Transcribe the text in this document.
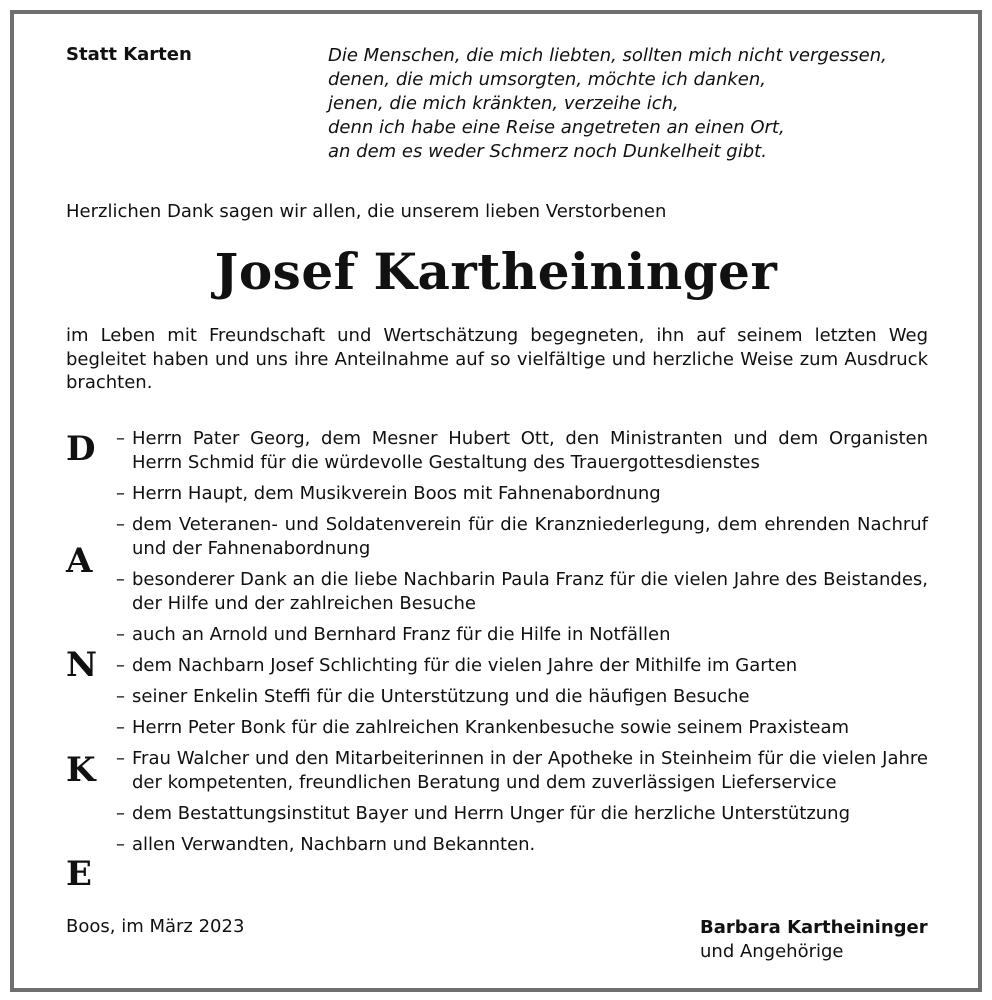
Statt Karten	Die Menschen, die mich liebten, sollten mich nicht vergessen,
denen, die mich umsorgten, möchte ich danken,
jenen, die mich kränkten, verzeihe ich,
denn ich habe eine Reise angetreten an einen Ort,
an dem es weder Schmerz noch Dunkelheit gibt.
Herzlichen Dank sagen wir allen, die unserem lieben Verstorbenen
Josef Kartheininger
im Leben mit Freundschaft und Wertschätzung begegneten, ihn auf seinem letzten Weg begleitet haben und uns ihre Anteilnahme auf so vielfältige und herzliche Weise zum Ausdruck brachten.
D
A
N
K
E
– Herrn Pater Georg, dem Mesner Hubert Ott, den Ministranten und dem Organisten Herrn Schmid für die würdevolle Gestaltung des Trauergottesdienstes
– Herrn Haupt, dem Musikverein Boos mit Fahnenabordnung
– dem Veteranen- und Soldatenverein für die Kranzniederlegung, dem ehrenden Nachruf und der Fahnenabordnung
– besonderer Dank an die liebe Nachbarin Paula Franz für die vielen Jahre des Beistandes, der Hilfe und der zahlreichen Besuche
– auch an Arnold und Bernhard Franz für die Hilfe in Notfällen
– dem Nachbarn Josef Schlichting für die vielen Jahre der Mithilfe im Garten
– seiner Enkelin Steffi für die Unterstützung und die häufigen Besuche
– Herrn Peter Bonk für die zahlreichen Krankenbesuche sowie seinem Praxisteam
– Frau Walcher und den Mitarbeiterinnen in der Apotheke in Steinheim für die vielen Jahre der kompetenten, freundlichen Beratung und dem zuverlässigen Lieferservice
– dem Bestattungsinstitut Bayer und Herrn Unger für die herzliche Unterstützung
– allen Verwandten, Nachbarn und Bekannten.
Boos, im März 2023	Barbara Kartheininger
und Angehörige
